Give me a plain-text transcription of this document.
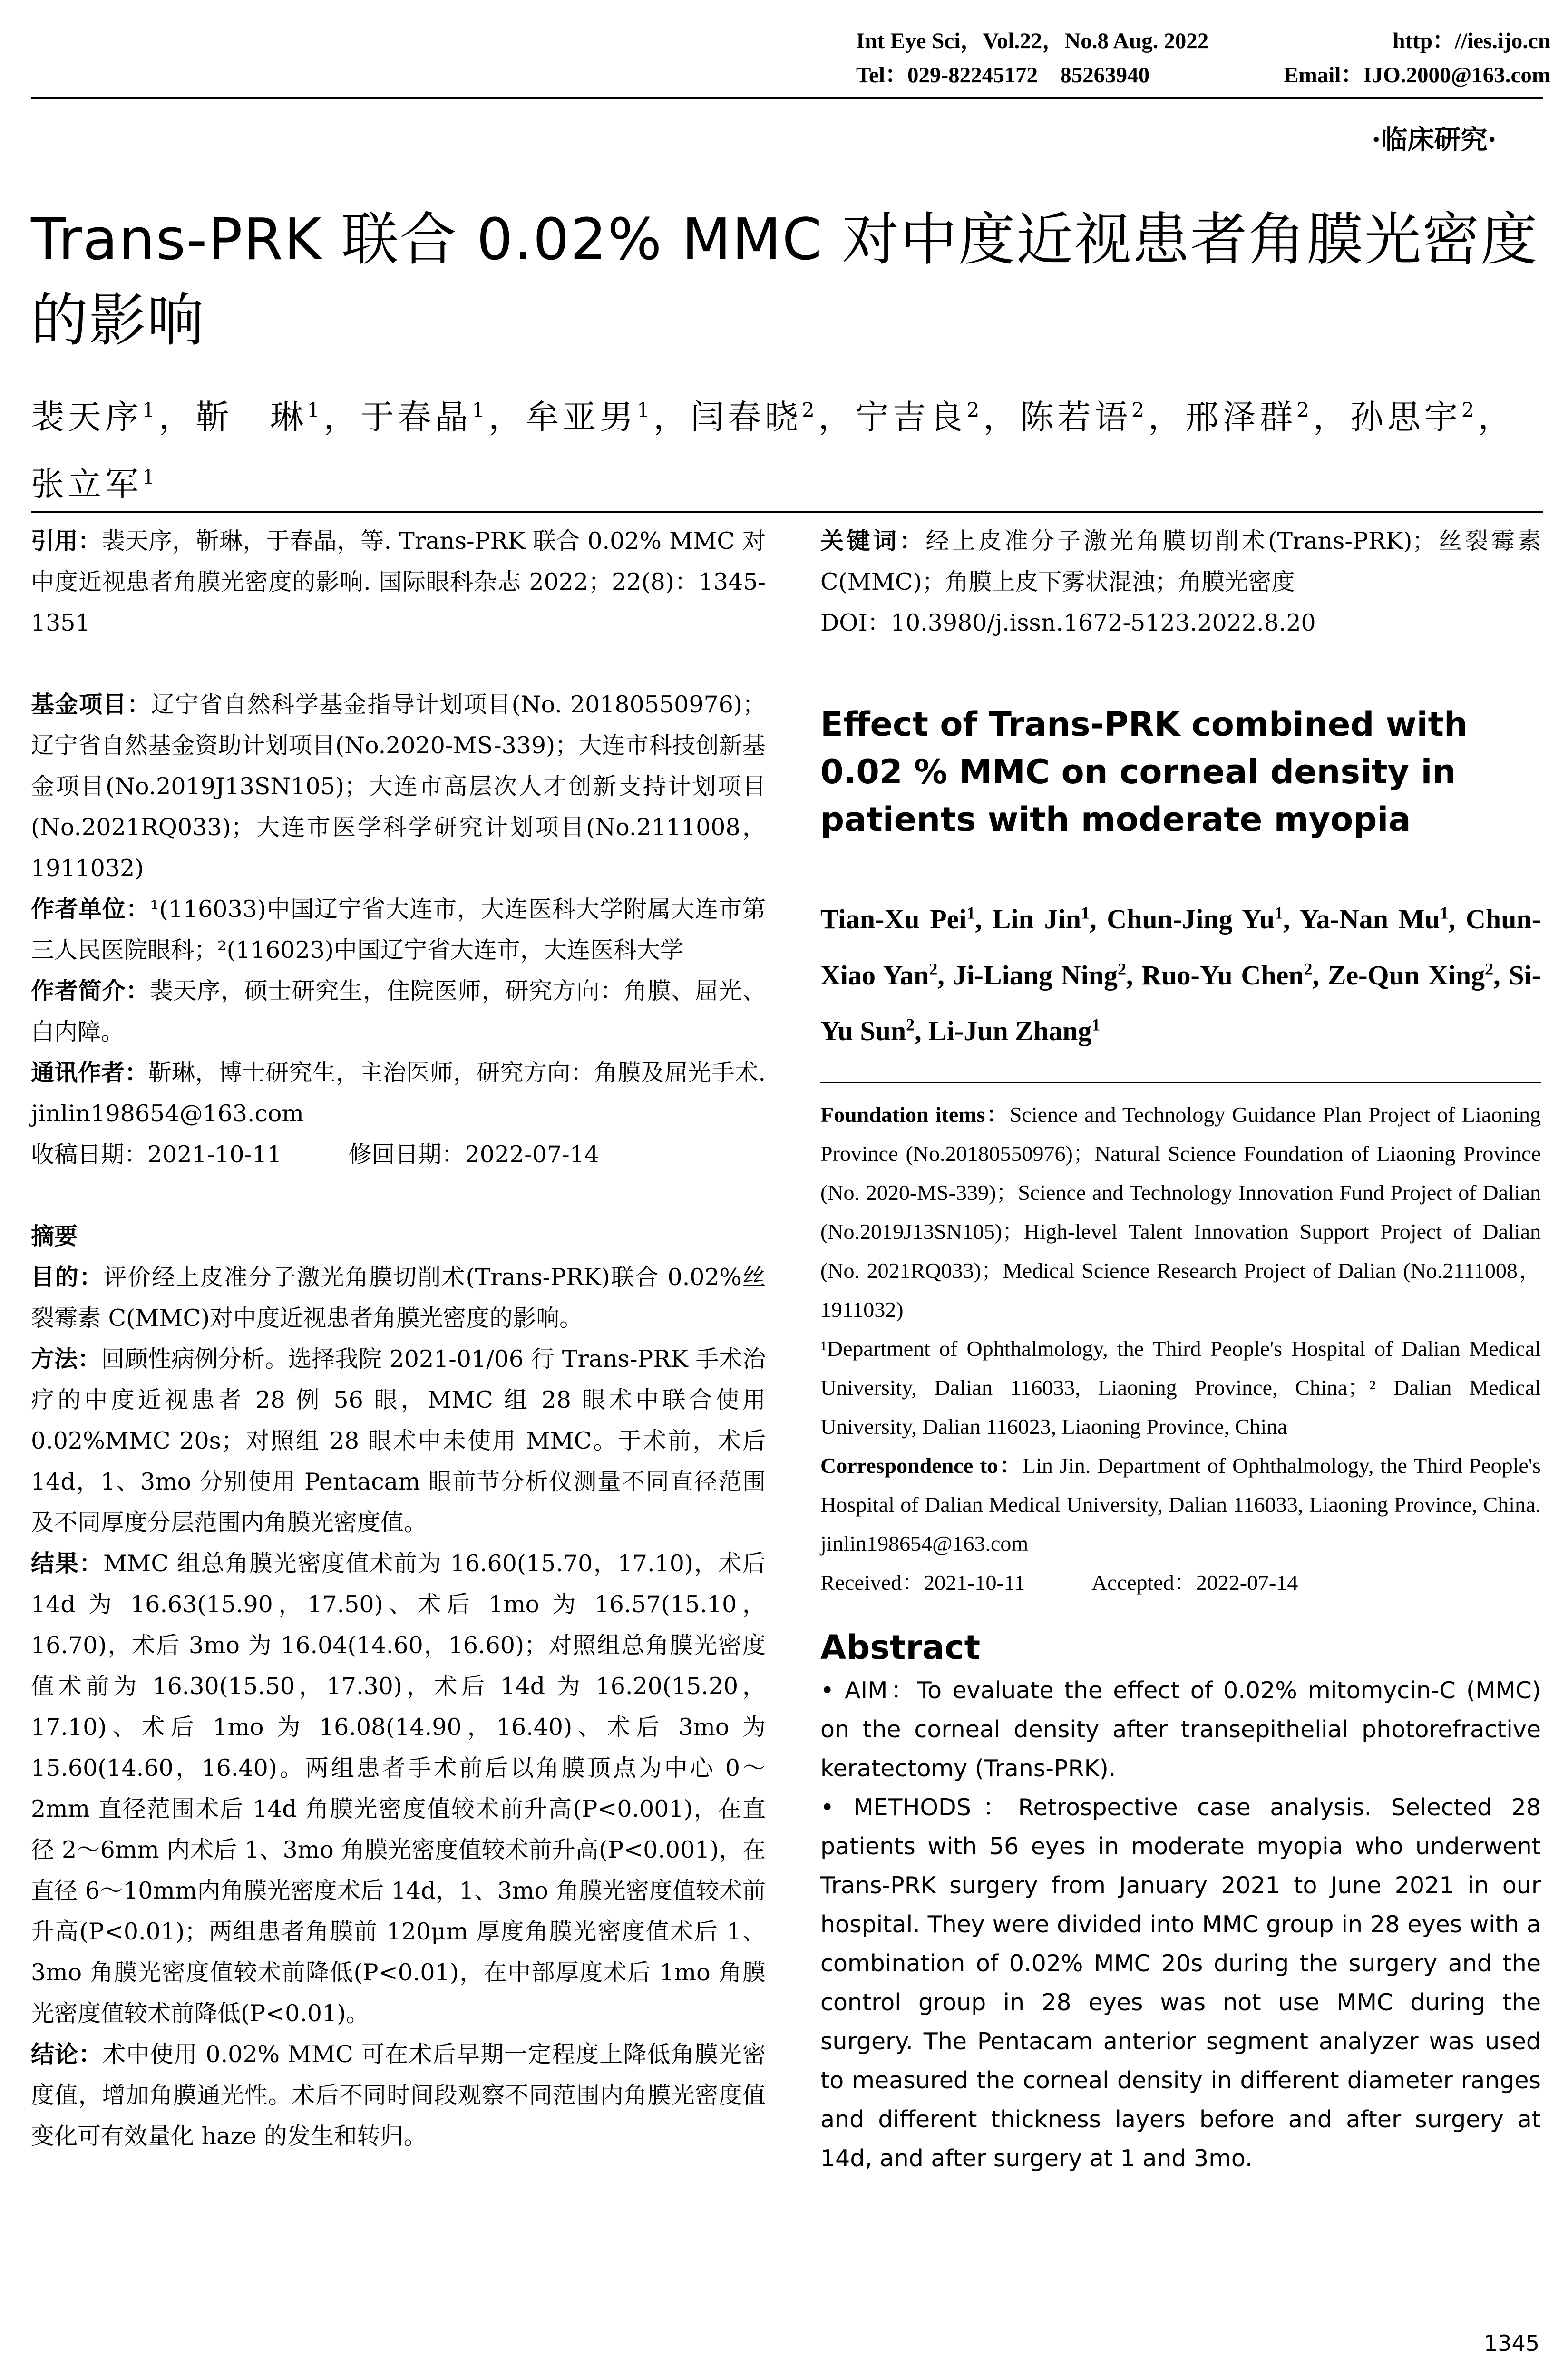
Int Eye Sci，Vol.22，No.8 Aug. 2022	http：//ies.ijo.cn
Tel：029-82245172　85263940	Email：IJO.2000@163.com
·临床研究·
Trans-PRK 联合 0.02% MMC 对中度近视患者角膜光密度的影响
裴天序$^1$，靳　琳$^1$，于春晶$^1$，牟亚男$^1$，闫春晓$^2$，宁吉良$^2$，陈若语$^2$，邢泽群$^2$，孙思宇$^2$，
张立军$^1$

引用：裴天序，靳琳，于春晶，等. Trans-PRK 联合 0.02% MMC 对中度近视患者角膜光密度的影响. 国际眼科杂志 2022；22(8)：1345-1351

基金项目：辽宁省自然科学基金指导计划项目(No. 20180550976)；辽宁省自然基金资助计划项目(No.2020-MS-339)；大连市科技创新基金项目(No.2019J13SN105)；大连市高层次人才创新支持计划项目(No.2021RQ033)；大连市医学科学研究计划项目(No.2111008，1911032)

作者单位：¹(116033)中国辽宁省大连市，大连医科大学附属大连市第三人民医院眼科；²(116023)中国辽宁省大连市，大连医科大学

作者简介：裴天序，硕士研究生，住院医师，研究方向：角膜、屈光、白内障。

通讯作者：靳琳，博士研究生，主治医师，研究方向：角膜及屈光手术. jinlin198654@163.com

收稿日期：2021-10-11	修回日期：2022-07-14

摘要

目的：评价经上皮准分子激光角膜切削术(Trans-PRK)联合 0.02%丝裂霉素 C(MMC)对中度近视患者角膜光密度的影响。

方法：回顾性病例分析。选择我院 2021-01/06 行 Trans-PRK 手术治疗的中度近视患者 28 例 56 眼，MMC 组 28 眼术中联合使用 0.02%MMC 20s；对照组 28 眼术中未使用 MMC。于术前，术后 14d，1、3mo 分别使用 Pentacam 眼前节分析仪测量不同直径范围及不同厚度分层范围内角膜光密度值。

结果：MMC 组总角膜光密度值术前为 16.60(15.70，17.10)，术后 14d 为 16.63(15.90，17.50)、术后 1mo 为 16.57(15.10，16.70)，术后 3mo 为 16.04(14.60，16.60)；对照组总角膜光密度值术前为 16.30(15.50，17.30)，术后 14d 为 16.20(15.20，17.10)、术后 1mo 为 16.08(14.90，16.40)、术后 3mo 为 15.60(14.60，16.40)。两组患者手术前后以角膜顶点为中心 0～2mm 直径范围术后 14d 角膜光密度值较术前升高(P<0.001)，在直径 2～6mm 内术后 1、3mo 角膜光密度值较术前升高(P<0.001)，在直径 6～10mm内角膜光密度术后 14d，1、3mo 角膜光密度值较术前升高(P<0.01)；两组患者角膜前 120μm 厚度角膜光密度值术后 1、3mo 角膜光密度值较术前降低(P<0.01)，在中部厚度术后 1mo 角膜光密度值较术前降低(P<0.01)。

结论：术中使用 0.02% MMC 可在术后早期一定程度上降低角膜光密度值，增加角膜通光性。术后不同时间段观察不同范围内角膜光密度值变化可有效量化 haze 的发生和转归。

关键词：经上皮准分子激光角膜切削术(Trans-PRK)；丝裂霉素 C(MMC)；角膜上皮下雾状混浊；角膜光密度

DOI：10.3980/j.issn.1672-5123.2022.8.20

Effect of Trans-PRK combined with 0.02 % MMC on corneal density in patients with moderate myopia
Tian-Xu Pei$^1$, Lin Jin$^1$, Chun-Jing Yu$^1$, Ya-Nan Mu$^1$, Chun-Xiao Yan$^2$, Ji-Liang Ning$^2$, Ruo-Yu Chen$^2$, Ze-Qun Xing$^2$, Si-Yu Sun$^2$, Li-Jun Zhang$^1$

Foundation items：Science and Technology Guidance Plan Project of Liaoning Province (No.20180550976)；Natural Science Foundation of Liaoning Province (No. 2020-MS-339)；Science and Technology Innovation Fund Project of Dalian (No.2019J13SN105)；High-level Talent Innovation Support Project of Dalian (No. 2021RQ033)；Medical Science Research Project of Dalian (No.2111008，1911032)

¹Department of Ophthalmology, the Third People's Hospital of Dalian Medical University, Dalian 116033, Liaoning Province, China；² Dalian Medical University, Dalian 116023, Liaoning Province, China

Correspondence to：Lin Jin. Department of Ophthalmology, the Third People's Hospital of Dalian Medical University, Dalian 116033, Liaoning Province, China. jinlin198654@163.com

Received：2021-10-11	Accepted：2022-07-14

Abstract

• AIM：To evaluate the effect of 0.02% mitomycin-C (MMC) on the corneal density after transepithelial photorefractive keratectomy (Trans-PRK).

• METHODS：Retrospective case analysis. Selected 28 patients with 56 eyes in moderate myopia who underwent Trans-PRK surgery from January 2021 to June 2021 in our hospital. They were divided into MMC group in 28 eyes with a combination of 0.02% MMC 20s during the surgery and the control group in 28 eyes was not use MMC during the surgery. The Pentacam anterior segment analyzer was used to measured the corneal density in different diameter ranges and different thickness layers before and after surgery at 14d, and after surgery at 1 and 3mo.

1345
